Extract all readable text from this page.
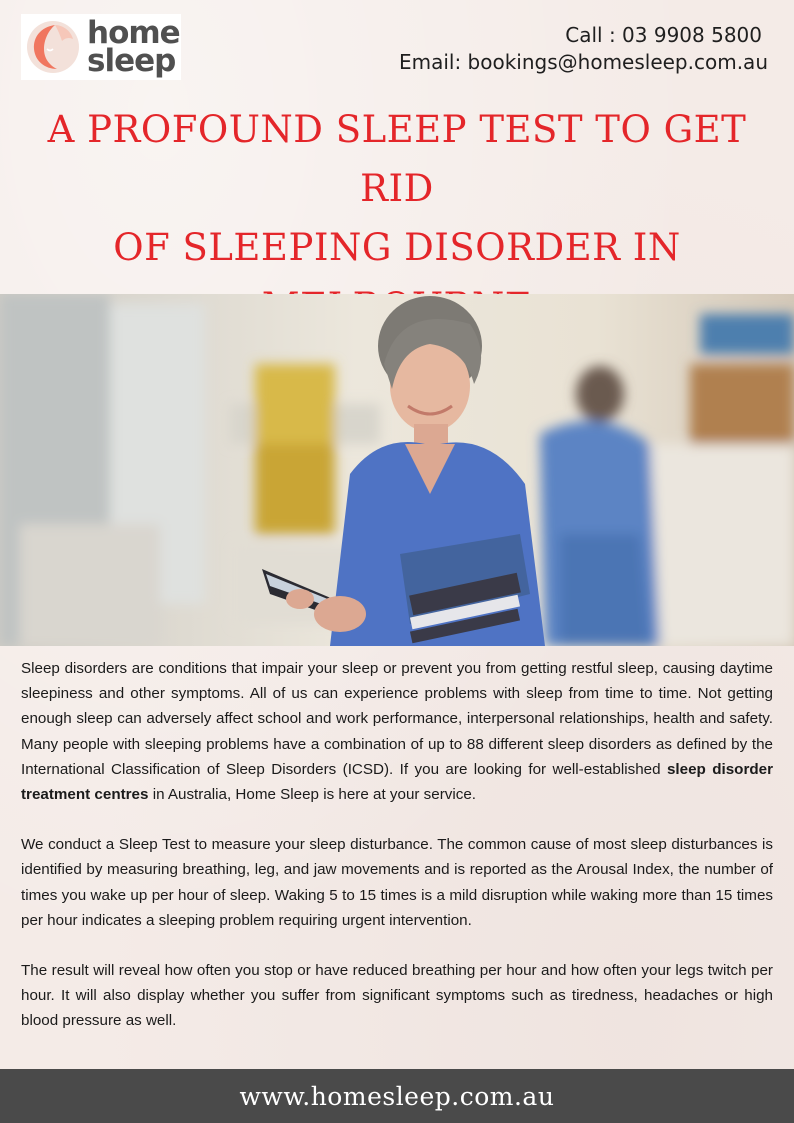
home
sleep
Call : 03 9908 5800
Email: bookings@homesleep.com.au
A PROFOUND SLEEP TEST TO GET RID
OF SLEEPING DISORDER IN

Sleep disorders are conditions that impair your sleep or prevent you from getting restful sleep, causing daytime sleepiness and other symptoms. All of us can experience problems with sleep from time to time. Not getting enough sleep can adversely affect school and work performance, interpersonal relationships, health and safety. Many people with sleeping problems have a combination of up to 88 different sleep disorders as defined by the International Classification of Sleep Disorders (ICSD). If you are looking for well-established sleep disorder treatment centres in Australia, Home Sleep is here at your service.

We conduct a Sleep Test to measure your sleep disturbance. The common cause of most sleep disturbances is identified by measuring breathing, leg, and jaw movements and is reported as the Arousal Index, the number of times you wake up per hour of sleep. Waking 5 to 15 times is a mild disruption while waking more than 15 times per hour indicates a sleeping problem requiring urgent intervention.

The result will reveal how often you stop or have reduced breathing per hour and how often your legs twitch per hour. It will also display whether you suffer from significant symptoms such as tiredness, headaches or high blood pressure as well.

www.homesleep.com.au
